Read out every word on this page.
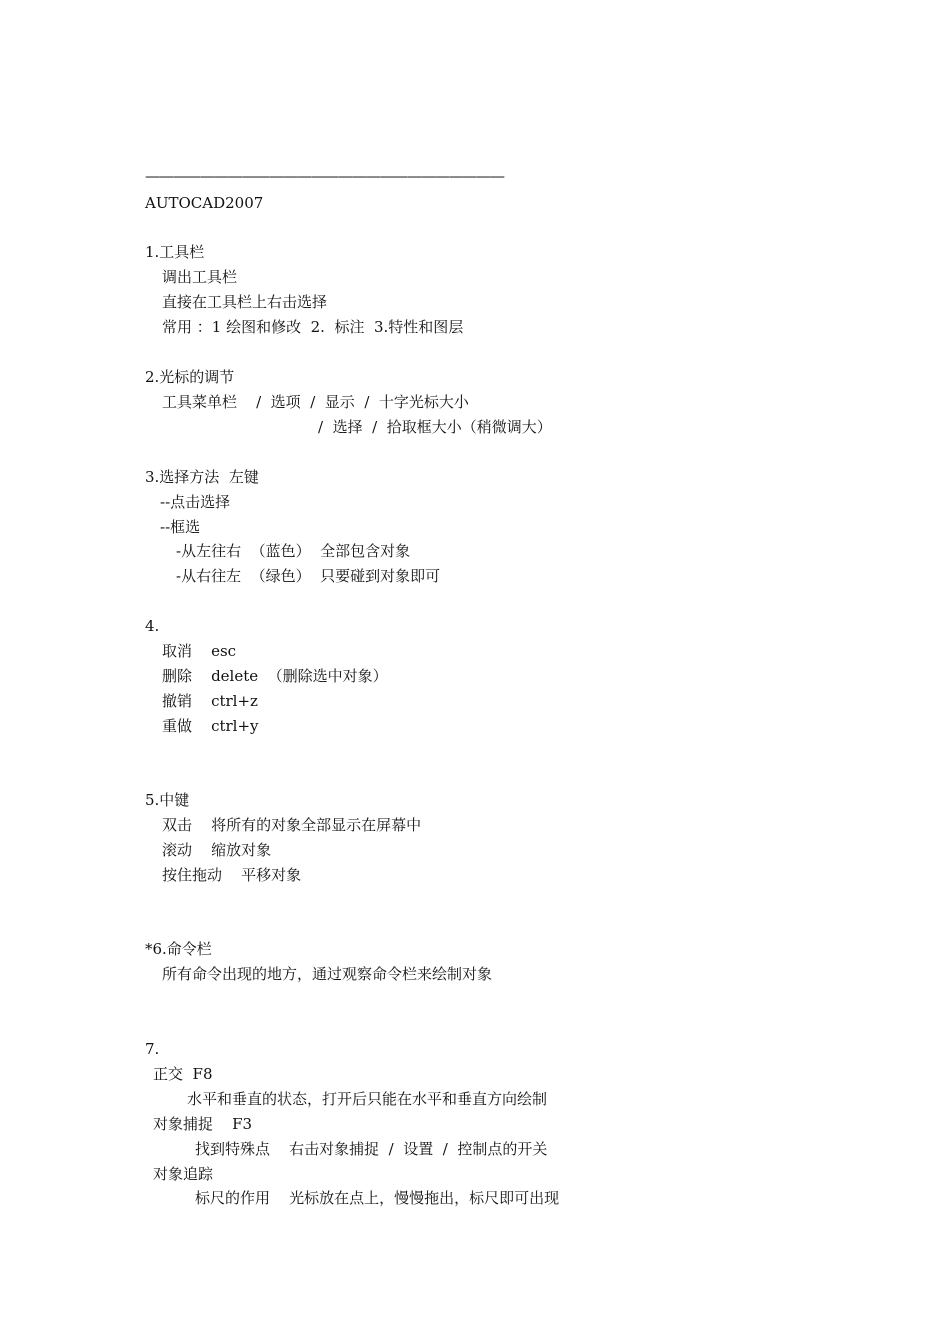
——————————————————————————
AUTOCAD2007
1.工具栏
调出工具栏
直接在工具栏上右击选择
常用 ：1 绘图和修改  2.  标注  3.特性和图层
2.光标的调节
工具菜单栏    /  选项  /  显示  /  十字光标大小
/  选择  /  拾取框大小（稍微调大）
3.选择方法  左键
--点击选择
--框选
-从左往右  （蓝色）  全部包含对象
-从右往左  （绿色）  只要碰到对象即可
4.
取消    esc
删除    delete  （删除选中对象）
撤销    ctrl+z
重做    ctrl+y
5.中键
双击    将所有的对象全部显示在屏幕中
滚动    缩放对象
按住拖动    平移对象
*6.命令栏
所有命令出现的地方，通过观察命令栏来绘制对象
7.
正交  F8
水平和垂直的状态，打开后只能在水平和垂直方向绘制
对象捕捉    F3
找到特殊点    右击对象捕捉  /  设置  /  控制点的开关
对象追踪
标尺的作用    光标放在点上，慢慢拖出，标尺即可出现
